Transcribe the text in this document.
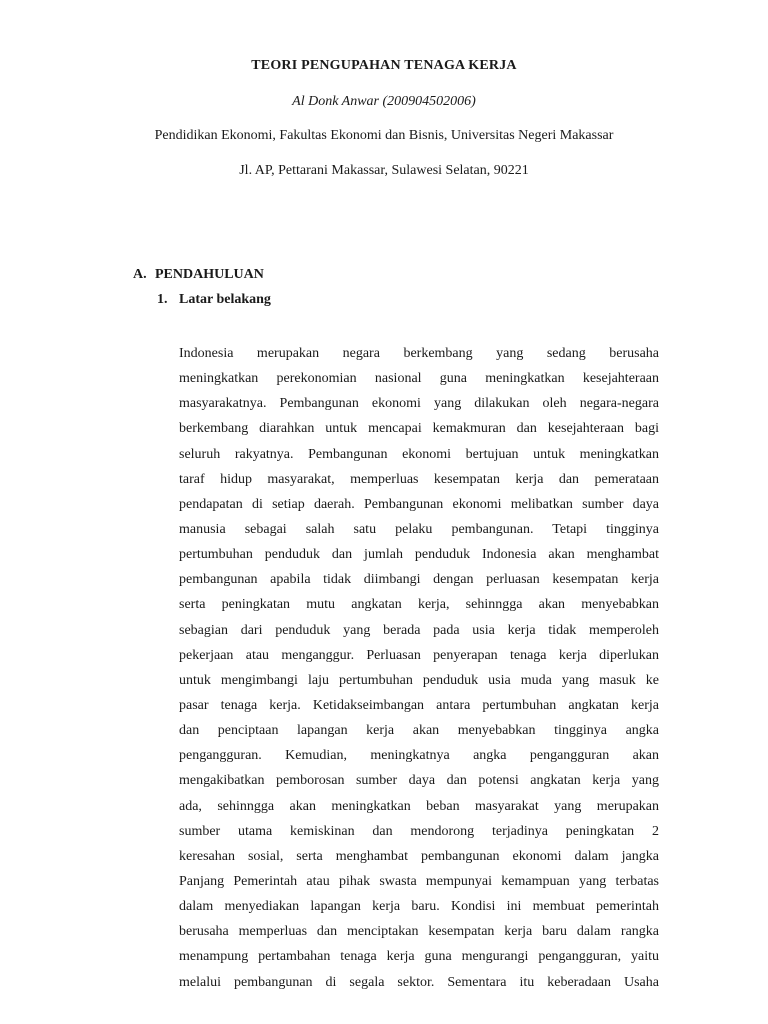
TEORI PENGUPAHAN TENAGA KERJA
Al Donk Anwar (200904502006)
Pendidikan Ekonomi, Fakultas Ekonomi dan Bisnis, Universitas Negeri Makassar
Jl. AP, Pettarani Makassar, Sulawesi Selatan, 90221
A. PENDAHULUAN
1. Latar belakang
Indonesia merupakan negara berkembang yang sedang berusaha
meningkatkan perekonomian nasional guna meningkatkan kesejahteraan
masyarakatnya. Pembangunan ekonomi yang dilakukan oleh negara-negara
berkembang diarahkan untuk mencapai kemakmuran dan kesejahteraan bagi
seluruh rakyatnya. Pembangunan ekonomi bertujuan untuk meningkatkan
taraf hidup masyarakat, memperluas kesempatan kerja dan pemerataan
pendapatan di setiap daerah. Pembangunan ekonomi melibatkan sumber daya
manusia sebagai salah satu pelaku pembangunan. Tetapi tingginya
pertumbuhan penduduk dan jumlah penduduk Indonesia akan menghambat
pembangunan apabila tidak diimbangi dengan perluasan kesempatan kerja
serta peningkatan mutu angkatan kerja, sehinngga akan menyebabkan
sebagian dari penduduk yang berada pada usia kerja tidak memperoleh
pekerjaan atau menganggur. Perluasan penyerapan tenaga kerja diperlukan
untuk mengimbangi laju pertumbuhan penduduk usia muda yang masuk ke
pasar tenaga kerja. Ketidakseimbangan antara pertumbuhan angkatan kerja
dan penciptaan lapangan kerja akan menyebabkan tingginya angka
pengangguran. Kemudian, meningkatnya angka pengangguran akan
mengakibatkan pemborosan sumber daya dan potensi angkatan kerja yang
ada, sehinngga akan meningkatkan beban masyarakat yang merupakan
sumber utama kemiskinan dan mendorong terjadinya peningkatan 2
keresahan sosial, serta menghambat pembangunan ekonomi dalam jangka
Panjang Pemerintah atau pihak swasta mempunyai kemampuan yang terbatas
dalam menyediakan lapangan kerja baru. Kondisi ini membuat pemerintah
berusaha memperluas dan menciptakan kesempatan kerja baru dalam rangka
menampung pertambahan tenaga kerja guna mengurangi pengangguran, yaitu
melalui pembangunan di segala sektor. Sementara itu keberadaan Usaha
